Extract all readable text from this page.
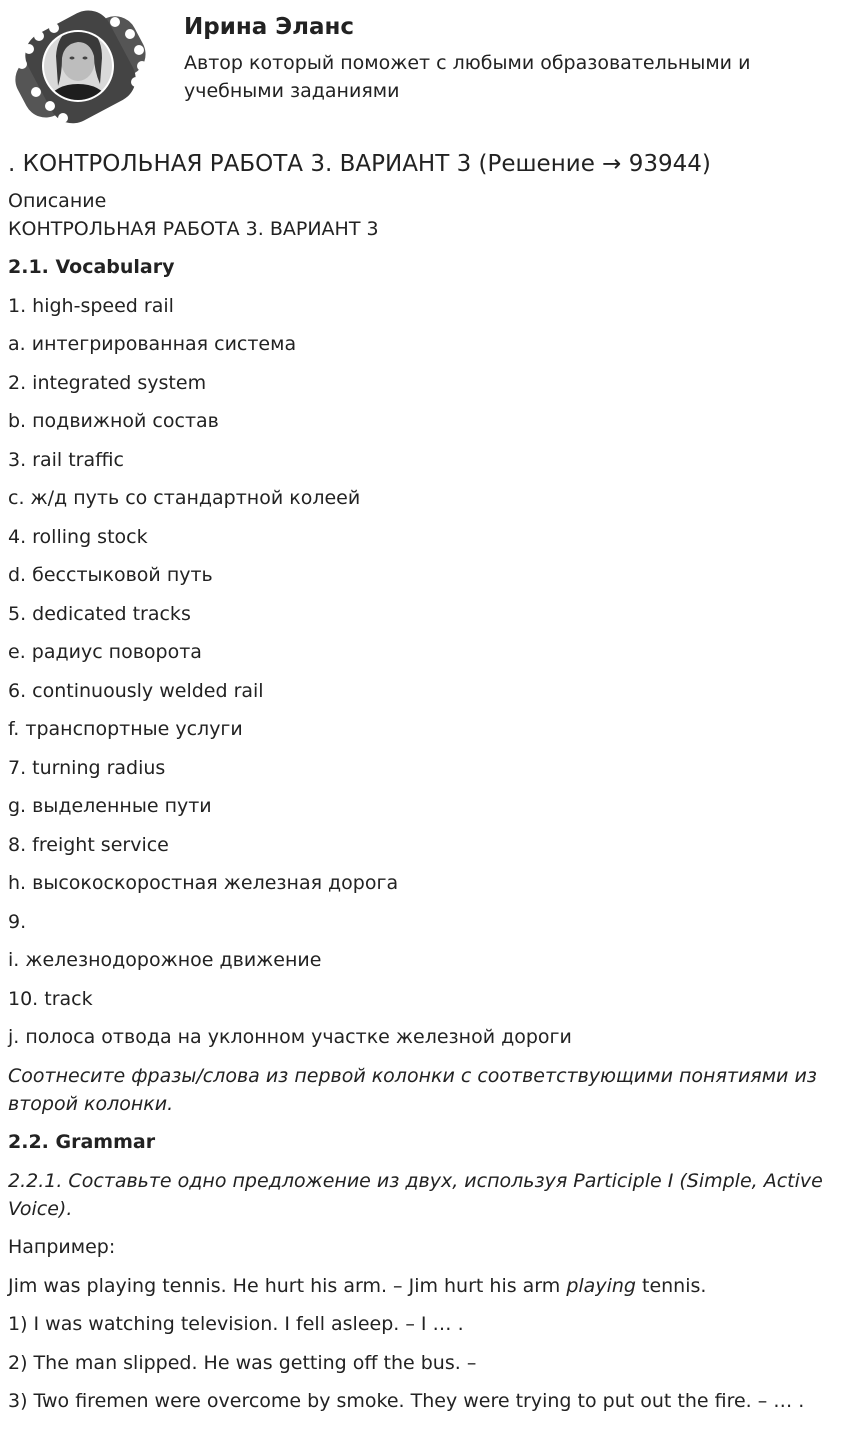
Ирина Эланс
Автор который поможет с любыми образовательными и учебными заданиями
. КОНТРОЛЬНАЯ РАБОТА 3. ВАРИАНТ 3 (Решение → 93944)
Описание
КОНТРОЛЬНАЯ РАБОТА 3. ВАРИАНТ 3

2.1. Vocabulary

1. high-speed rail

a. интегрированная система

2. integrated system

b. подвижной состав

3. rail traffic

c. ж/д путь со стандартной колеей

4. rolling stock

d. бесстыковой путь

5. dedicated tracks

e. радиус поворота

6. continuously welded rail

f. транспортные услуги

7. turning radius

g. выделенные пути

8. freight service

h. высокоскоростная железная дорога

9.

i. железнодорожное движение

10. track

j. полоса отвода на уклонном участке железной дороги

Соотнесите фразы/слова из первой колонки с соответствующими понятиями из второй колонки.

2.2. Grammar

2.2.1. Составьте одно предложение из двух, используя Participle I (Simple, Active Voice).

Например:

Jim was playing tennis. He hurt his arm. – Jim hurt his arm playing tennis.

1) I was watching television. I fell asleep. – I … .

2) The man slipped. He was getting off the bus. –

3) Two firemen were overcome by smoke. They were trying to put out the fire. – … .
